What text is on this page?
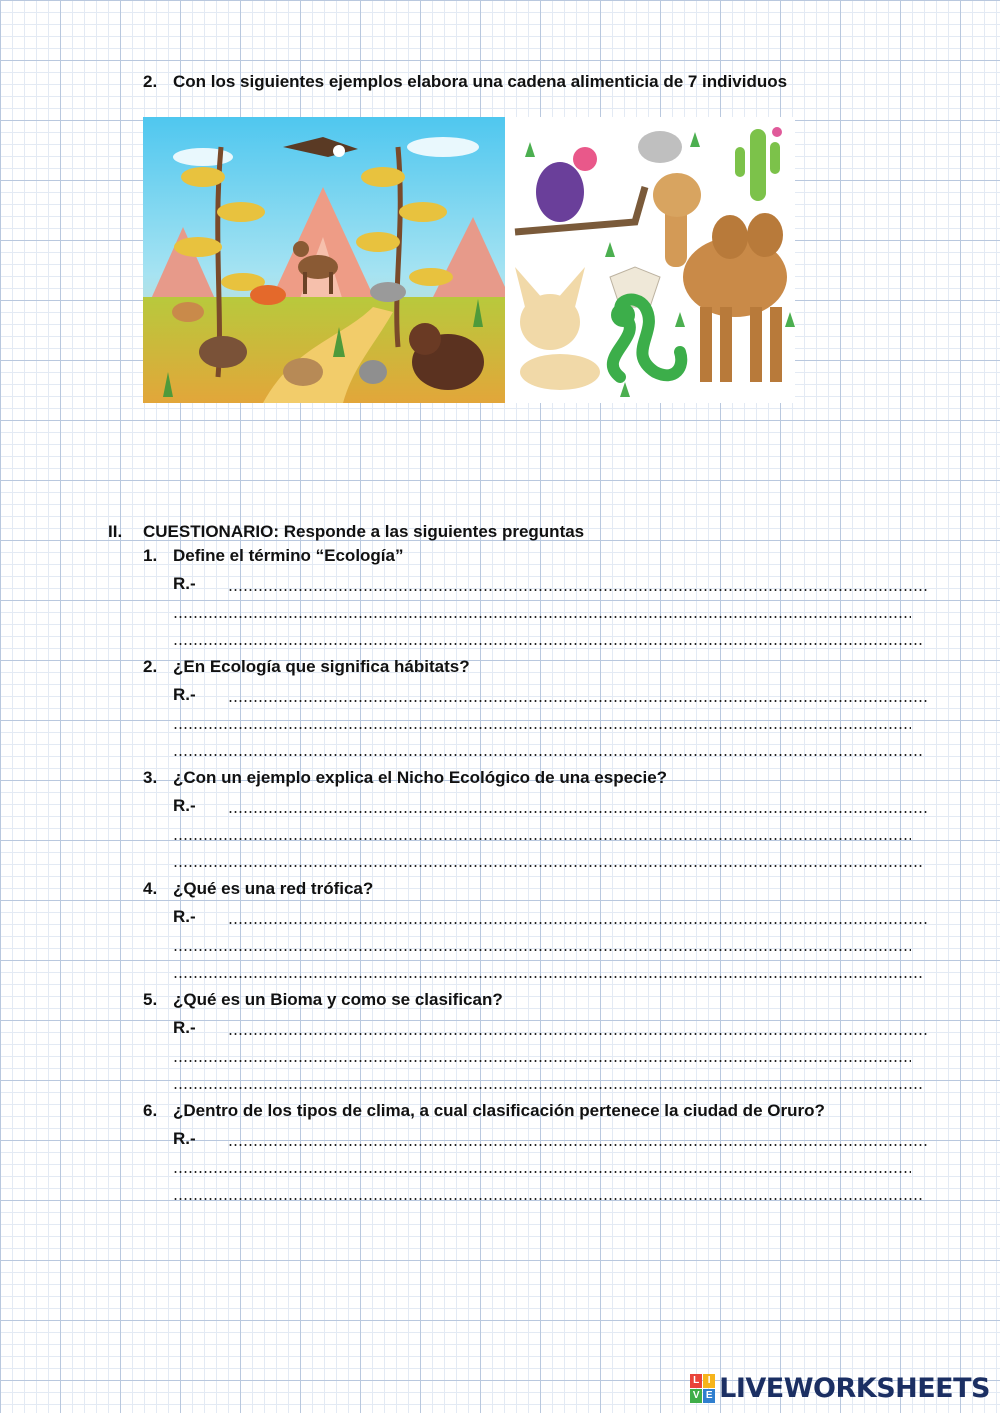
2. Con los siguientes ejemplos elabora una cadena alimenticia de 7 individuos
II. CUESTIONARIO: Responde a las siguientes preguntas
1. Define el término “Ecología”
R.-
2. ¿En Ecología que significa hábitats?
R.-
3. ¿Con un ejemplo explica el Nicho Ecológico de una especie?
R.-
4. ¿Qué es una red trófica?
R.-
5. ¿Qué es un Bioma y como se clasifican?
R.-
6. ¿Dentro de los tipos de clima, a cual clasificación pertenece la ciudad de Oruro?
R.-
L I
V E LIVEWORKSHEETS
